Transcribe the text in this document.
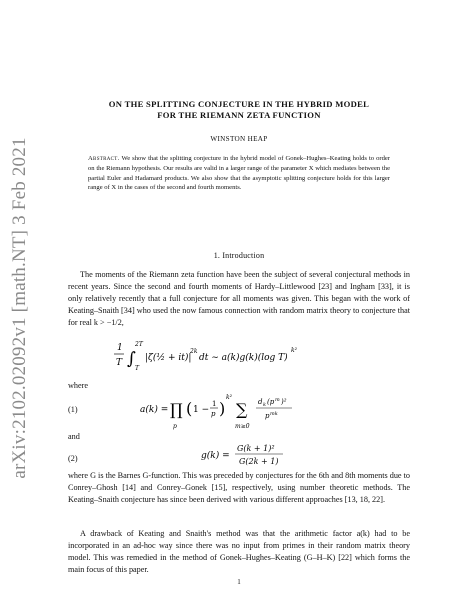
arXiv:2102.02092v1 [math.NT] 3 Feb 2021
ON THE SPLITTING CONJECTURE IN THE HYBRID MODEL
FOR THE RIEMANN ZETA FUNCTION
WINSTON HEAP
Abstract. We show that the splitting conjecture in the hybrid model of Gonek–Hughes–Keating holds to order on the Riemann hypothesis. Our results are valid in a larger range of the parameter X which mediates between the partial Euler and Hadamard products. We also show that the asymptotic splitting conjecture holds for this larger range of X in the cases of the second and fourth moments.
1. Introduction
The moments of the Riemann zeta function have been the subject of several conjectural methods in recent years. Since the second and fourth moments of Hardy–Littlewood [23] and Ingham [33], it is only relatively recently that a full conjecture for all moments was given. This began with the work of Keating–Snaith [34] who used the now famous connection with random matrix theory to conjecture that for real k > −1/2,
1
T ∫
2T
T
|ζ(½ + it)|
2k
dt ∼ a(k)g(k)(log T)
k²
where
(1)	a(k) = ∏
p
( 1 −
1
p )
k²
∑
m≥0
d k (p m )²
p mk
and
(2)	g(k) =
G(k + 1)²
G(2k + 1)
where G is the Barnes G-function. This was preceded by conjectures for the 6th and 8th moments due to Conrey–Ghosh [14] and Conrey–Gonek [15], respectively, using number theoretic methods. The Keating–Snaith conjecture has since been derived with various different approaches [13, 18, 22].
A drawback of Keating and Snaith's method was that the arithmetic factor a(k) had to be incorporated in an ad-hoc way since there was no input from primes in their random matrix theory model. This was remedied in the method of Gonek–Hughes–Keating (G–H–K) [22] which forms the main focus of this paper.
1
